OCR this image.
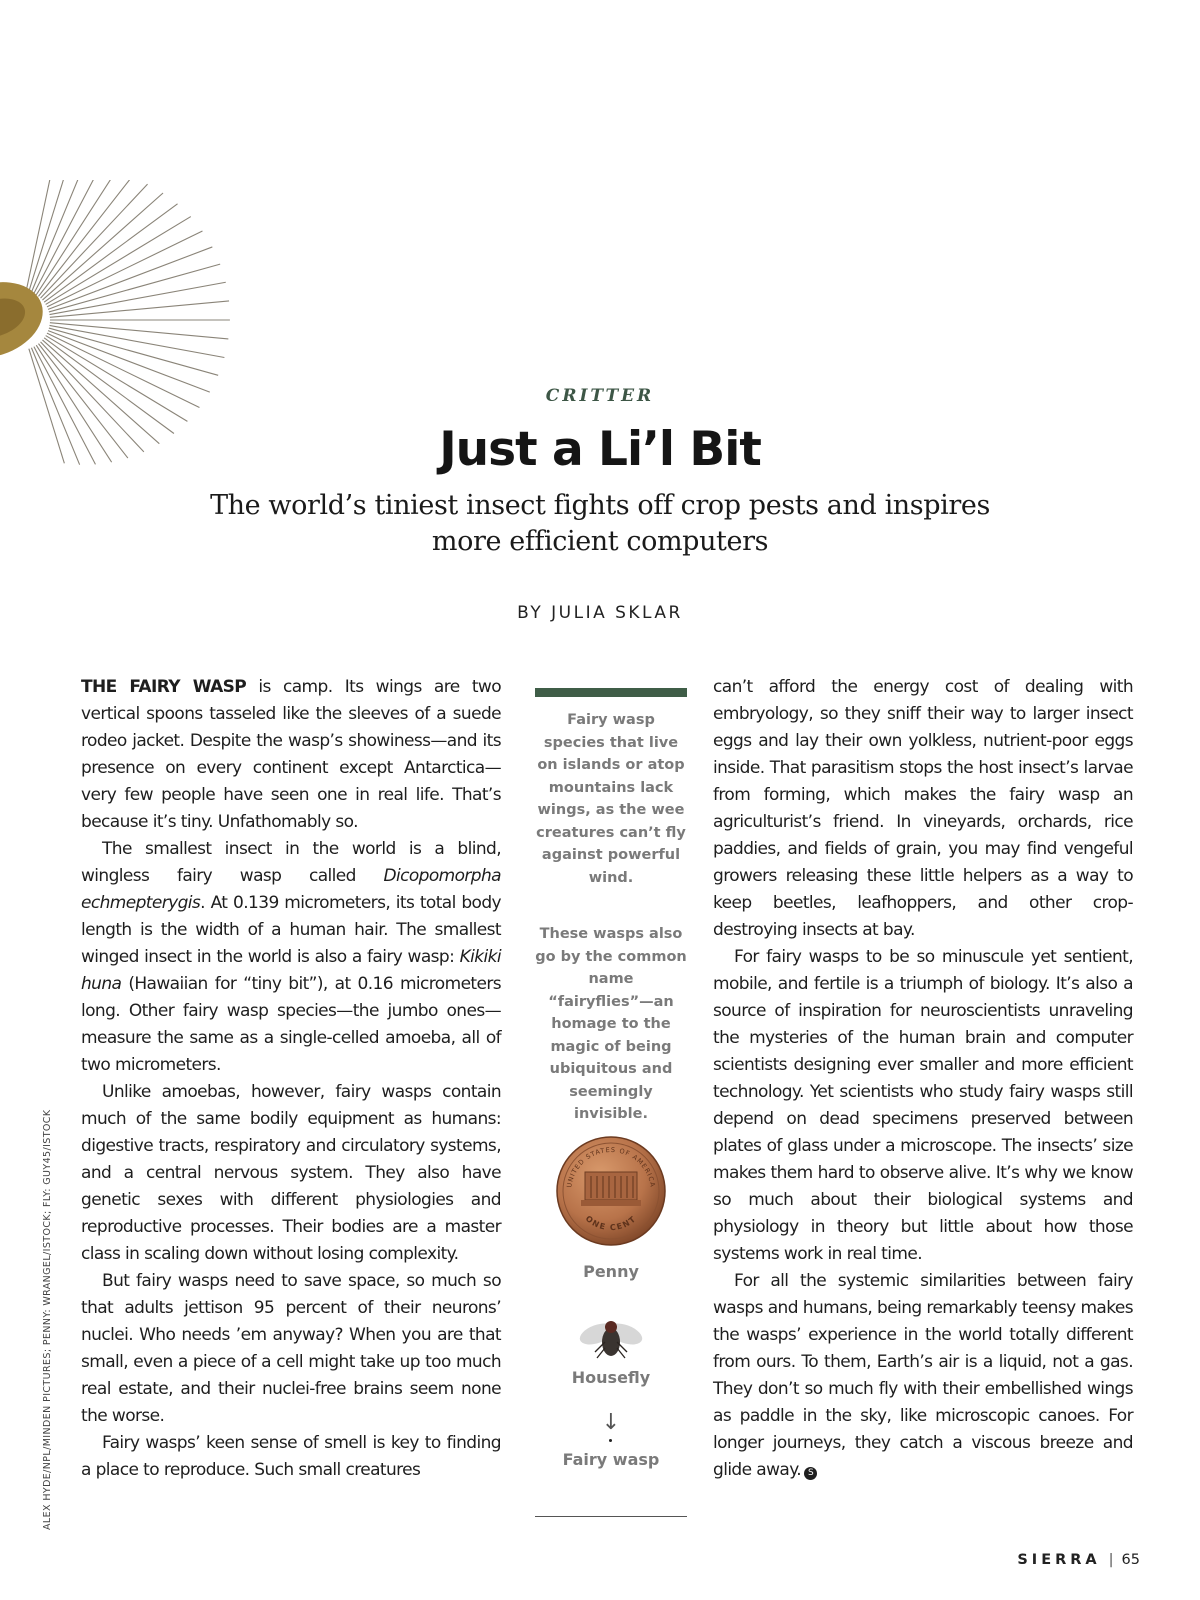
CRITTER

Just a Li’l Bit

The world’s tiniest insect fights off crop pests and inspires more efficient computers

BY JULIA SKLAR

THE FAIRY WASP is camp. Its wings are two vertical spoons tasseled like the sleeves of a suede rodeo jacket. Despite the wasp’s showiness—and its presence on every continent except Antarctica—very few people have seen one in real life. That’s because it’s tiny. Unfathomably so.

The smallest insect in the world is a blind, wingless fairy wasp called Dicopomorpha echmepterygis. At 0.139 micrometers, its total body length is the width of a human hair. The smallest winged insect in the world is also a fairy wasp: Kikiki huna (Hawaiian for “tiny bit”), at 0.16 micrometers long. Other fairy wasp species—the jumbo ones—measure the same as a single-celled amoeba, all of two micrometers.

Unlike amoebas, however, fairy wasps contain much of the same bodily equipment as humans: digestive tracts, respiratory and circulatory systems, and a central nervous system. They also have genetic sexes with different physiologies and reproductive processes. Their bodies are a master class in scaling down without losing complexity.

But fairy wasps need to save space, so much so that adults jettison 95 percent of their neurons’ nuclei. Who needs ’em anyway? When you are that small, even a piece of a cell might take up too much real estate, and their nuclei-free brains seem none the worse.

Fairy wasps’ keen sense of smell is key to finding a place to reproduce. Such small creatures

Fairy wasp species that live on islands or atop mountains lack wings, as the wee creatures can’t fly against powerful wind.

These wasps also go by the common name “fairyflies”—an homage to the magic of being ubiquitous and seemingly invisible.

UNITED STATES OF AMERICA
ONE CENT

Penny

Housefly

↓

Fairy wasp

can’t afford the energy cost of dealing with embryology, so they sniff their way to larger insect eggs and lay their own yolkless, nutrient-poor eggs inside. That parasitism stops the host insect’s larvae from forming, which makes the fairy wasp an agriculturist’s friend. In vineyards, orchards, rice paddies, and fields of grain, you may find vengeful growers releasing these little helpers as a way to keep beetles, leafhoppers, and other crop-destroying insects at bay.

For fairy wasps to be so minuscule yet sentient, mobile, and fertile is a triumph of biology. It’s also a source of inspiration for neuroscientists unraveling the mysteries of the human brain and computer scientists designing ever smaller and more efficient technology. Yet scientists who study fairy wasps still depend on dead specimens preserved between plates of glass under a microscope. The insects’ size makes them hard to observe alive. It’s why we know so much about their biological systems and physiology in theory but little about how those systems work in real time.

For all the systemic similarities between fairy wasps and humans, being remarkably teensy makes the wasps’ experience in the world totally different from ours. To them, Earth’s air is a liquid, not a gas. They don’t so much fly with their embellished wings as paddle in the sky, like microscopic canoes. For longer journeys, they catch a viscous breeze and glide away. S

ALEX HYDE/NPL/MINDEN PICTURES; PENNY: WRANGEL/ISTOCK; FLY: GUY45/ISTOCK

SIERRA | 65
